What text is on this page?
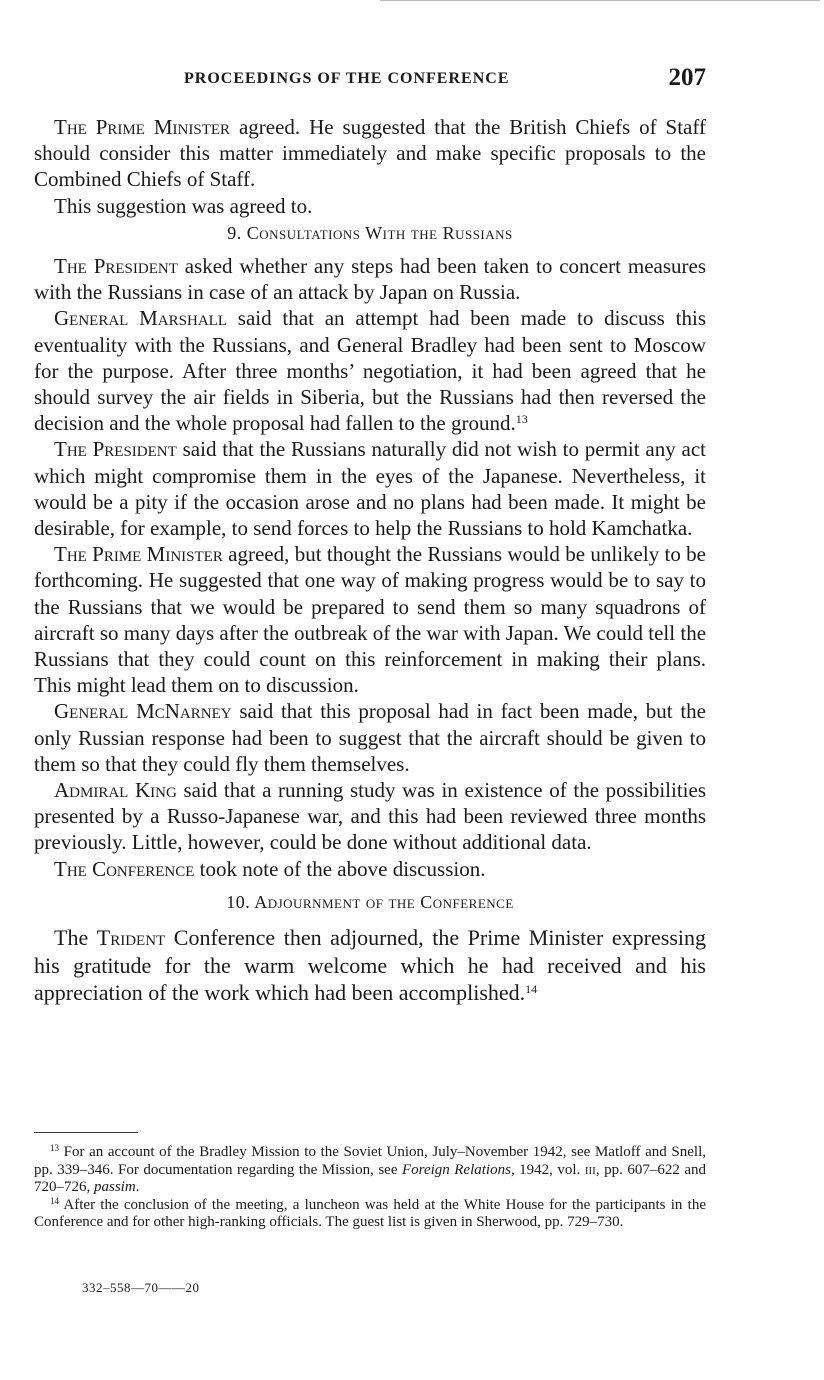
PROCEEDINGS OF THE CONFERENCE	207

The Prime Minister agreed. He suggested that the British Chiefs of Staff should consider this matter immediately and make specific proposals to the Combined Chiefs of Staff.

This suggestion was agreed to.

9. Consultations With the Russians

The President asked whether any steps had been taken to concert measures with the Russians in case of an attack by Japan on Russia.

General Marshall said that an attempt had been made to discuss this eventuality with the Russians, and General Bradley had been sent to Moscow for the purpose. After three months’ negotiation, it had been agreed that he should survey the air fields in Siberia, but the Russians had then reversed the decision and the whole proposal had fallen to the ground.$^{13}$

The President said that the Russians naturally did not wish to permit any act which might compromise them in the eyes of the Japanese. Nevertheless, it would be a pity if the occasion arose and no plans had been made. It might be desirable, for example, to send forces to help the Russians to hold Kamchatka.

The Prime Minister agreed, but thought the Russians would be unlikely to be forthcoming. He suggested that one way of making progress would be to say to the Russians that we would be prepared to send them so many squadrons of aircraft so many days after the outbreak of the war with Japan. We could tell the Russians that they could count on this reinforcement in making their plans. This might lead them on to discussion.

General McNarney said that this proposal had in fact been made, but the only Russian response had been to suggest that the aircraft should be given to them so that they could fly them themselves.

Admiral King said that a running study was in existence of the possibilities presented by a Russo-Japanese war, and this had been reviewed three months previously. Little, however, could be done without additional data.

The Conference took note of the above discussion.

10. Adjournment of the Conference

The Trident Conference then adjourned, the Prime Minister expressing his gratitude for the warm welcome which he had received and his appreciation of the work which had been accomplished.$^{14}$

$^{13}$ For an account of the Bradley Mission to the Soviet Union, July–November 1942, see Matloff and Snell, pp. 339–346. For documentation regarding the Mission, see Foreign Relations, 1942, vol. iii, pp. 607–622 and 720–726, passim.

$^{14}$ After the conclusion of the meeting, a luncheon was held at the White House for the participants in the Conference and for other high-ranking officials. The guest list is given in Sherwood, pp. 729–730.

332–558—70——20
